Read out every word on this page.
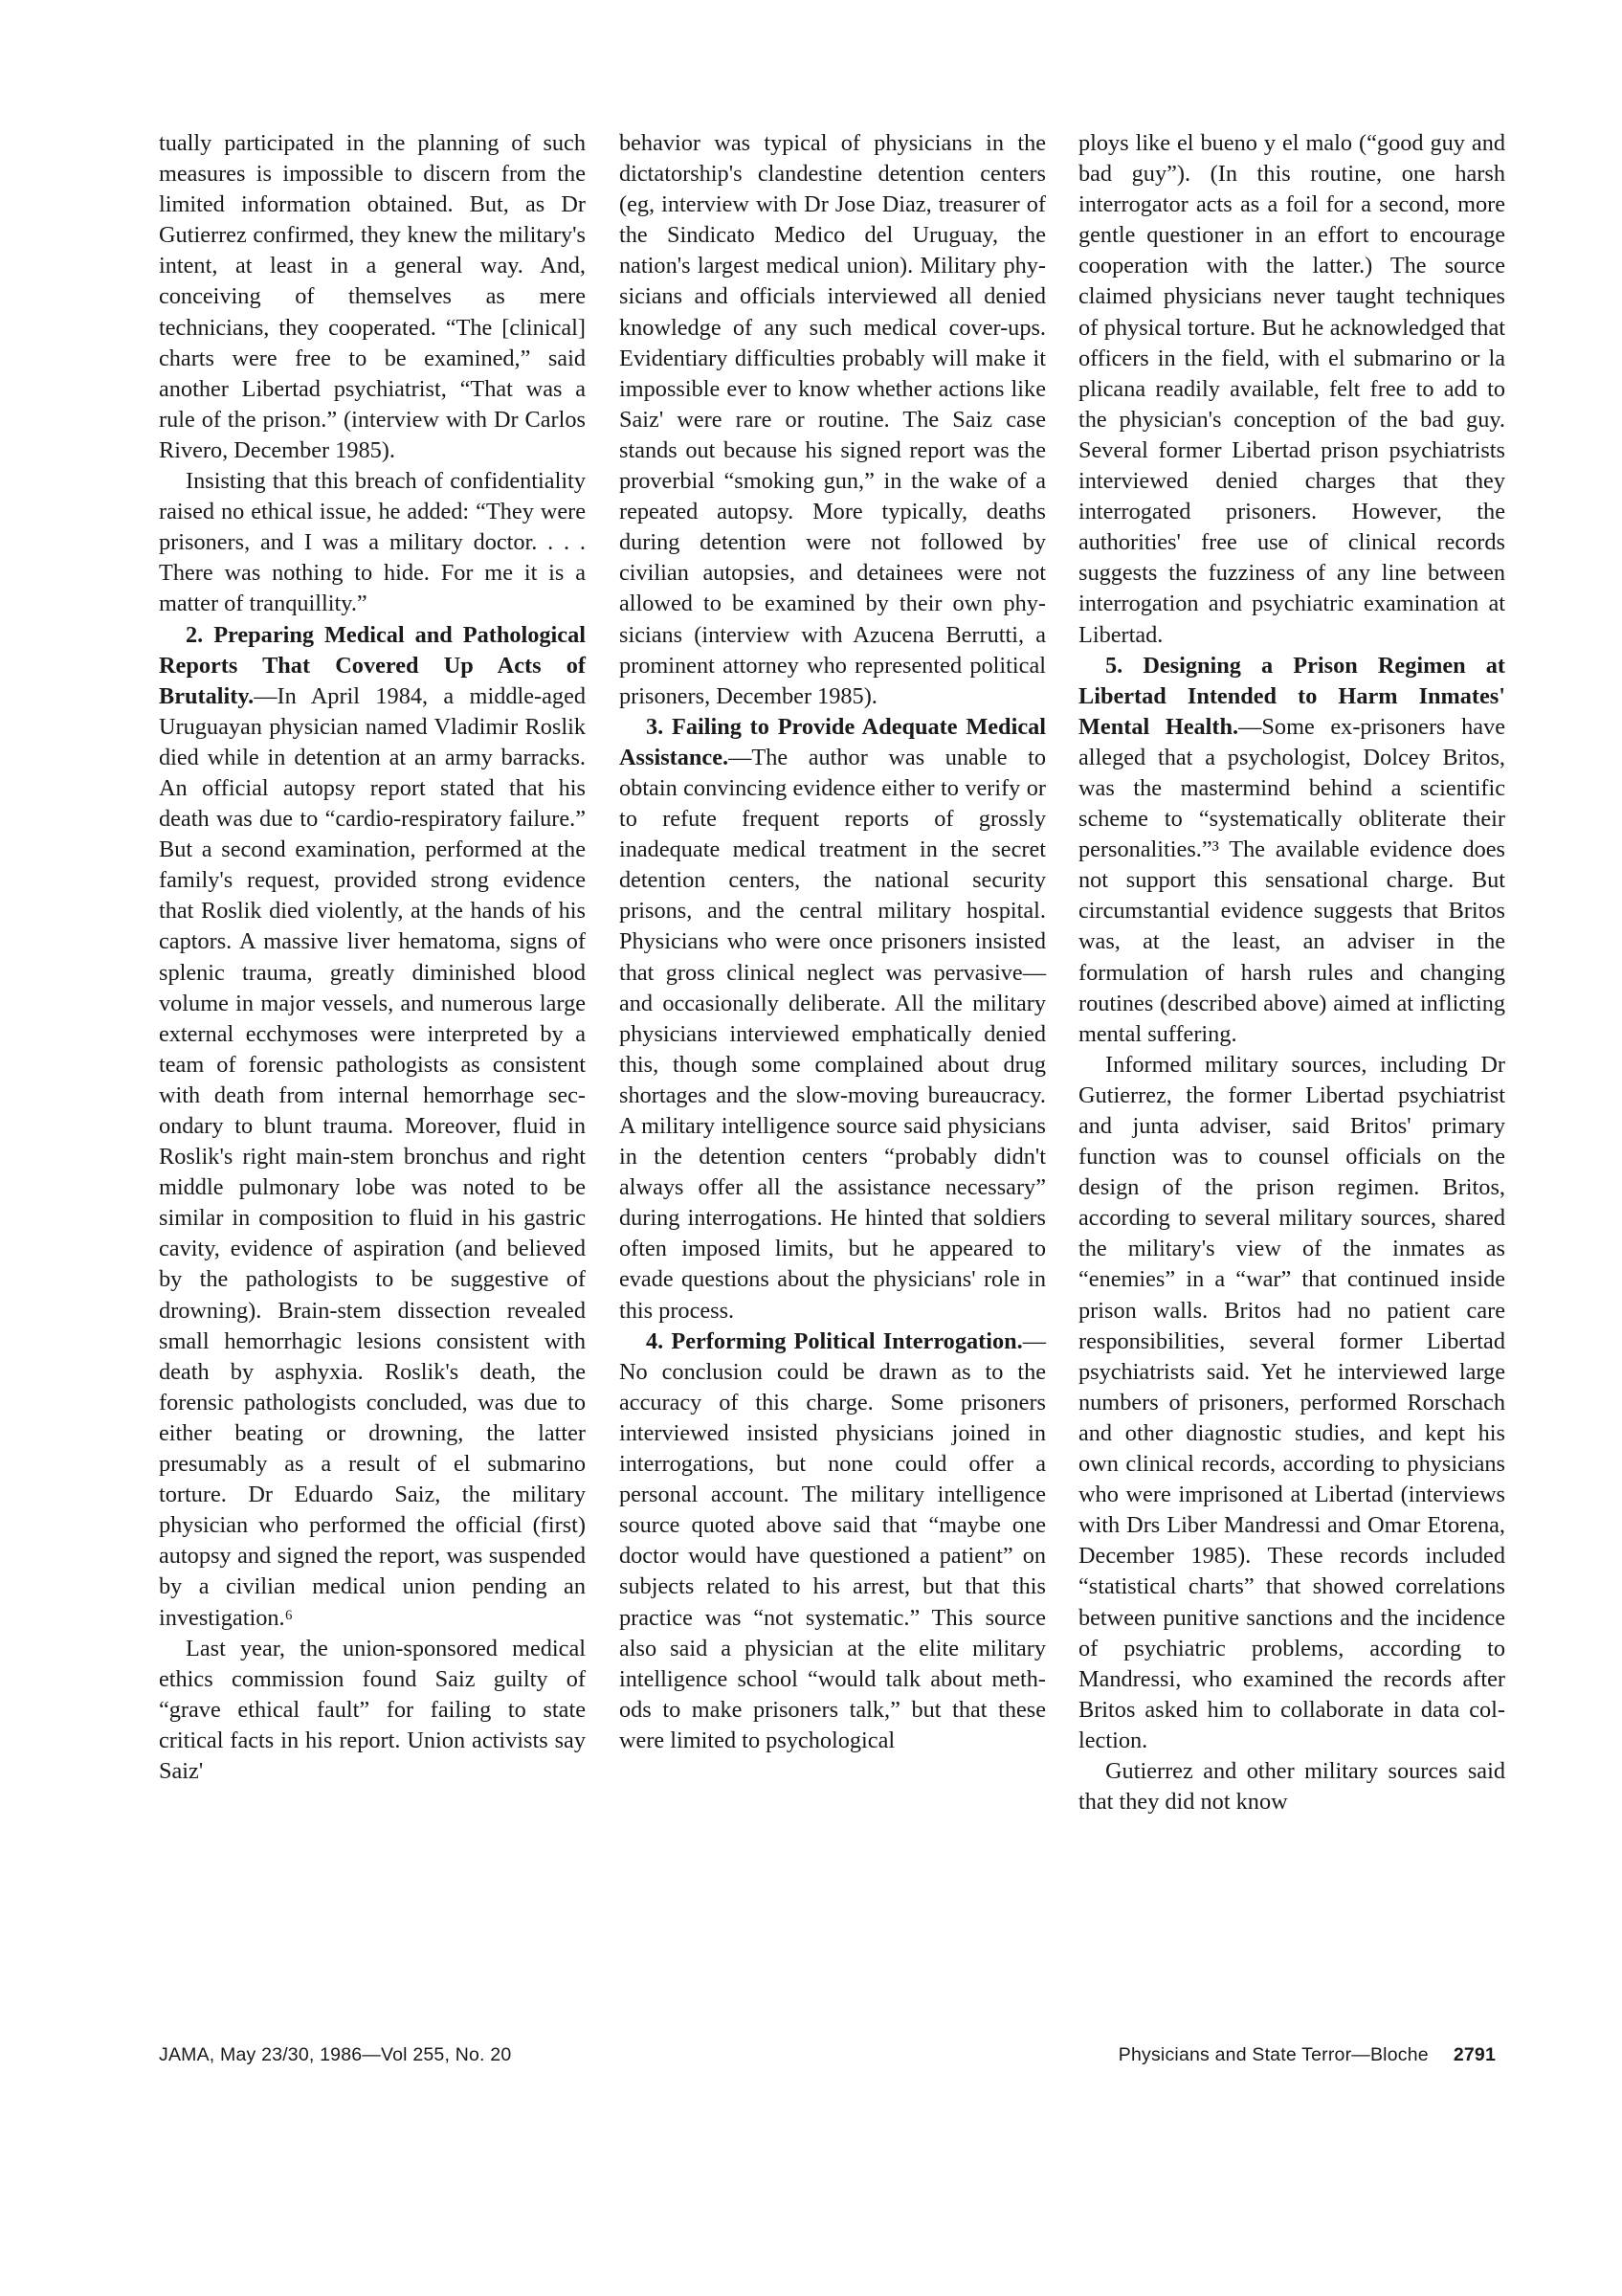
tually participated in the planning of such measures is impossible to discern from the limited information obtained. But, as Dr Gutierrez confirmed, they knew the military's intent, at least in a general way. And, conceiving of themselves as mere technicians, they cooperated. “The [clinical] charts were free to be examined,” said another Libertad psychiatrist, “That was a rule of the prison.” (interview with Dr Carlos Rivero, December 1985).

Insisting that this breach of confidentiality raised no ethical issue, he added: “They were prisoners, and I was a military doctor. . . . There was nothing to hide. For me it is a matter of tranquillity.”

2. Preparing Medical and Pathological Reports That Covered Up Acts of Brutality.—In April 1984, a middle-aged Uruguayan physician named Vladimir Roslik died while in detention at an army barracks. An official autopsy report stated that his death was due to “cardio-respiratory failure.” But a second examination, performed at the family's request, provided strong evidence that Roslik died violently, at the hands of his captors. A massive liver hematoma, signs of splenic trauma, greatly diminished blood volume in major vessels, and numerous large external ecchymoses were interpreted by a team of forensic pathologists as consistent with death from internal hemorrhage secondary to blunt trauma. Moreover, fluid in Roslik's right main-stem bronchus and right middle pulmonary lobe was noted to be similar in composition to fluid in his gastric cavity, evidence of aspiration (and believed by the pathologists to be suggestive of drowning). Brain-stem dissection revealed small hemorrhagic lesions consistent with death by asphyxia. Roslik's death, the forensic pathologists concluded, was due to either beating or drowning, the latter presumably as a result of el submarino torture. Dr Eduardo Saiz, the military physician who performed the official (first) autopsy and signed the report, was suspended by a civilian medical union pending an investigation.⁶

Last year, the union-sponsored medical ethics commission found Saiz guilty of “grave ethical fault” for failing to state critical facts in his report. Union activists say Saiz'

behavior was typical of physicians in the dictatorship's clandestine detention centers (eg, interview with Dr Jose Diaz, treasurer of the Sindicato Medico del Uruguay, the nation's largest medical union). Military physicians and officials interviewed all denied knowledge of any such medical cover-ups. Evidentiary difficulties probably will make it impossible ever to know whether actions like Saiz' were rare or routine. The Saiz case stands out because his signed report was the proverbial “smoking gun,” in the wake of a repeated autopsy. More typically, deaths during detention were not followed by civilian autopsies, and detainees were not allowed to be examined by their own physicians (interview with Azucena Berrutti, a prominent attorney who represented political prisoners, December 1985).

3. Failing to Provide Adequate Medical Assistance.—The author was unable to obtain convincing evidence either to verify or to refute frequent reports of grossly inadequate medical treatment in the secret detention centers, the national security prisons, and the central military hospital. Physicians who were once prisoners insisted that gross clinical neglect was pervasive—and occasionally deliberate. All the military physicians interviewed emphatically denied this, though some complained about drug shortages and the slow-moving bureaucracy. A military intelligence source said physicians in the detention centers “probably didn't always offer all the assistance necessary” during interrogations. He hinted that soldiers often imposed limits, but he appeared to evade questions about the physicians' role in this process.

4. Performing Political Interrogation.—No conclusion could be drawn as to the accuracy of this charge. Some prisoners interviewed insisted physicians joined in interrogations, but none could offer a personal account. The military intelligence source quoted above said that “maybe one doctor would have questioned a patient” on subjects related to his arrest, but that this practice was “not systematic.” This source also said a physician at the elite military intelligence school “would talk about methods to make prisoners talk,” but that these were limited to psychological

ploys like el bueno y el malo (“good guy and bad guy”). (In this routine, one harsh interrogator acts as a foil for a second, more gentle questioner in an effort to encourage cooperation with the latter.) The source claimed physicians never taught techniques of physical torture. But he acknowledged that officers in the field, with el submarino or la plicana readily available, felt free to add to the physician's conception of the bad guy. Several former Libertad prison psychiatrists interviewed denied charges that they interrogated prisoners. However, the authorities' free use of clinical records suggests the fuzziness of any line between interrogation and psychiatric examination at Libertad.

5. Designing a Prison Regimen at Libertad Intended to Harm Inmates' Mental Health.—Some ex-prisoners have alleged that a psychologist, Dolcey Britos, was the mastermind behind a scientific scheme to “systematically obliterate their personalities.”³ The available evidence does not support this sensational charge. But circumstantial evidence suggests that Britos was, at the least, an adviser in the formulation of harsh rules and changing routines (described above) aimed at inflicting mental suffering.

Informed military sources, including Dr Gutierrez, the former Libertad psychiatrist and junta adviser, said Britos' primary function was to counsel officials on the design of the prison regimen. Britos, according to several military sources, shared the military's view of the inmates as “enemies” in a “war” that continued inside prison walls. Britos had no patient care responsibilities, several former Libertad psychiatrists said. Yet he interviewed large numbers of prisoners, performed Rorschach and other diagnostic studies, and kept his own clinical records, according to physicians who were imprisoned at Libertad (interviews with Drs Liber Mandressi and Omar Etorena, December 1985). These records included “statistical charts” that showed correlations between punitive sanctions and the incidence of psychiatric problems, according to Mandressi, who examined the records after Britos asked him to collaborate in data collection.

Gutierrez and other military sources said that they did not know

JAMA, May 23/30, 1986—Vol 255, No. 20	Physicians and State Terror—Bloche 2791
